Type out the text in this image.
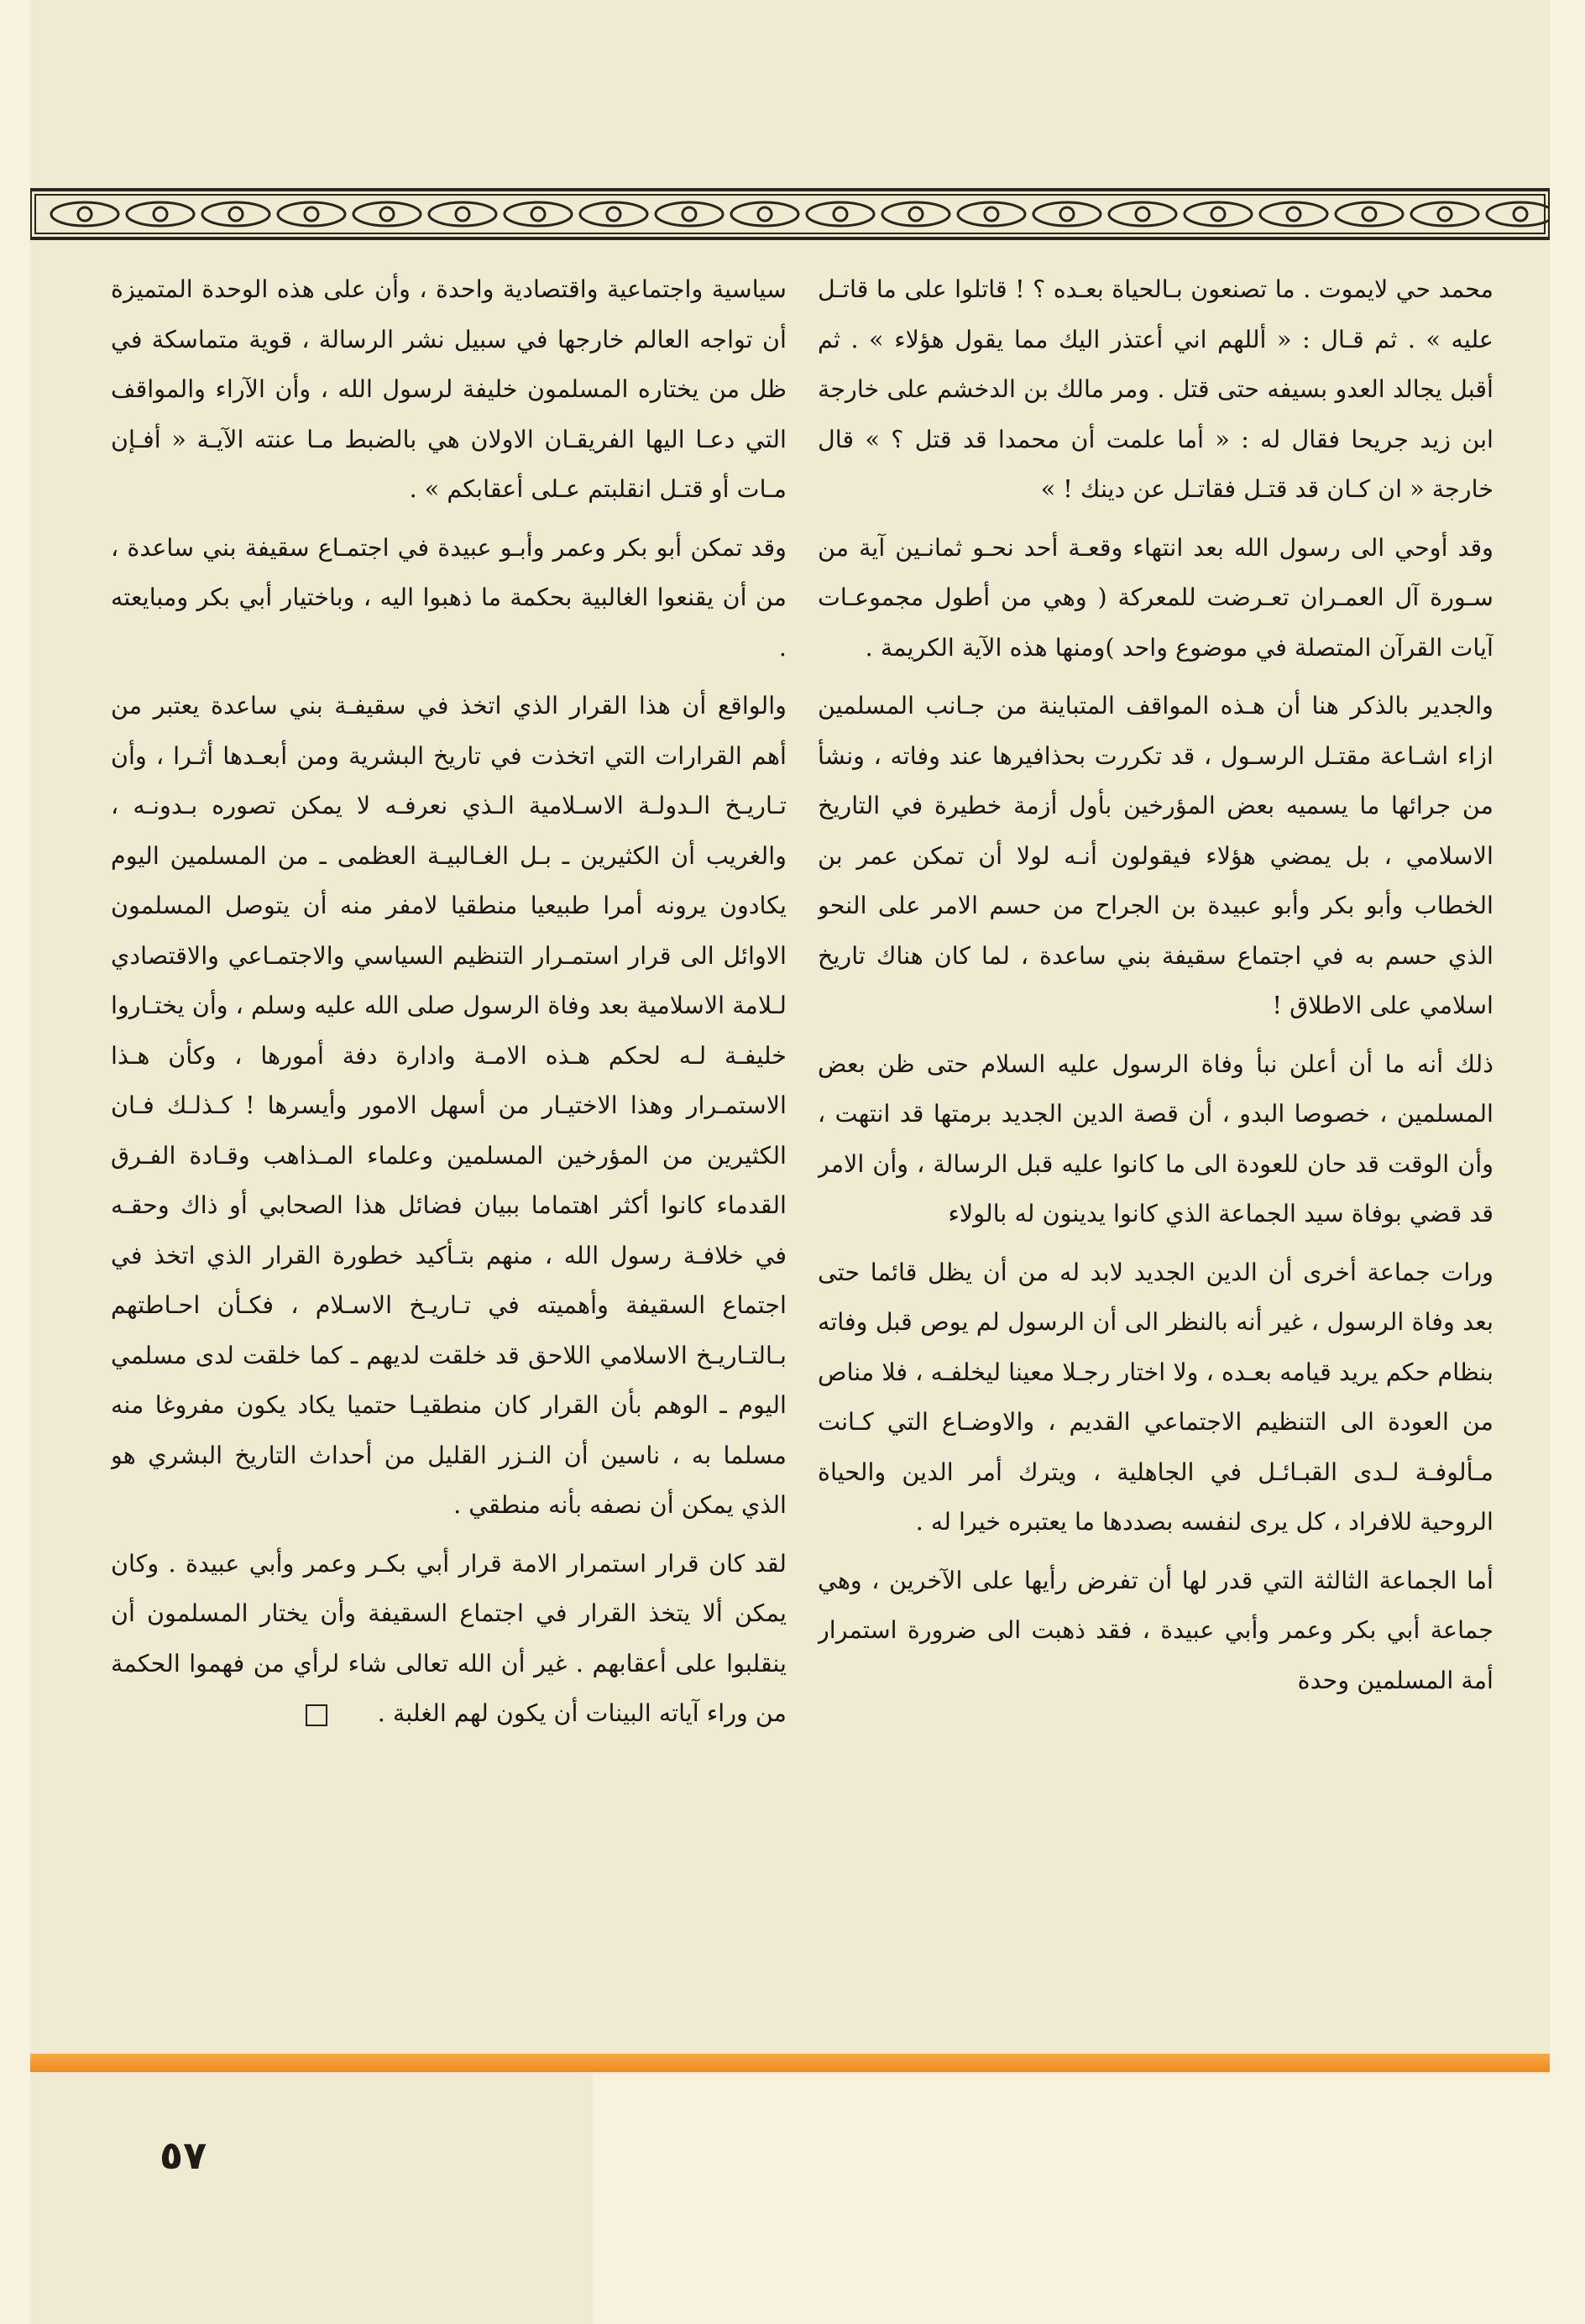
محمد حي لايموت . ما تصنعون بـالحياة بعـده ؟ ! قاتلوا على ما قاتـل عليه » . ثم قـال : « أللهم اني أعتذر اليك مما يقول هؤلاء » . ثم أقبل يجالد العدو بسيفه حتى قتل . ومر مالك بن الدخشم على خارجة ابن زيد جريحا فقال له : « أما علمت أن محمدا قد قتل ؟ » قال خارجة « ان كـان قد قتـل فقاتـل عن دينك ! »

وقد أوحي الى رسول الله بعد انتهاء وقعـة أحد نحـو ثمانـين آية من سـورة آل العمـران تعـرضت للمعركة ( وهي من أطول مجموعـات آيات القرآن المتصلة في موضوع واحد )ومنها هذه الآية الكريمة .

والجدير بالذكر هنا أن هـذه المواقف المتباينة من جـانب المسلمين ازاء اشـاعة مقتـل الرسـول ، قد تكررت بحذافيرها عند وفاته ، ونشأ من جرائها ما يسميه بعض المؤرخين بأول أزمة خطيرة في التاريخ الاسلامي ، بل يمضي هؤلاء فيقولون أنـه لولا أن تمكن عمر بن الخطاب وأبو بكر وأبو عبيدة بن الجراح من حسم الامر على النحو الذي حسم به في اجتماع سقيفة بني ساعدة ، لما كان هناك تاريخ اسلامي على الاطلاق !

ذلك أنه ما أن أعلن نبأ وفاة الرسول عليه السلام حتى ظن بعض المسلمين ، خصوصا البدو ، أن قصة الدين الجديد برمتها قد انتهت ، وأن الوقت قد حان للعودة الى ما كانوا عليه قبل الرسالة ، وأن الامر قد قضي بوفاة سيد الجماعة الذي كانوا يدينون له بالولاء

ورات جماعة أخرى أن الدين الجديد لابد له من أن يظل قائما حتى بعد وفاة الرسول ، غير أنه بالنظر الى أن الرسول لم يوص قبل وفاته بنظام حكم يريد قيامه بعـده ، ولا اختار رجـلا معينا ليخلفـه ، فلا مناص من العودة الى التنظيم الاجتماعي القديم ، والاوضـاع التي كـانت مـألوفـة لـدى القبـائـل في الجاهلية ، ويترك أمر الدين والحياة الروحية للافراد ، كل يرى لنفسه بصددها ما يعتبره خيرا له .

أما الجماعة الثالثة التي قدر لها أن تفرض رأيها على الآخرين ، وهي جماعة أبي بكر وعمر وأبي عبيدة ، فقد ذهبت الى ضرورة استمرار أمة المسلمين وحدة

سياسية واجتماعية واقتصادية واحدة ، وأن على هذه الوحدة المتميزة أن تواجه العالم خارجها في سبيل نشر الرسالة ، قوية متماسكة في ظل من يختاره المسلمون خليفة لرسول الله ، وأن الآراء والمواقف التي دعـا اليها الفريقـان الاولان هي بالضبط مـا عنته الآيـة « أفـإن مـات أو قتـل انقلبتم عـلى أعقابكم » .

وقد تمكن أبو بكر وعمر وأبـو عبيدة في اجتمـاع سقيفة بني ساعدة ، من أن يقنعوا الغالبية بحكمة ما ذهبوا اليه ، وباختيار أبي بكر ومبايعته .

والواقع أن هذا القرار الذي اتخذ في سقيفـة بني ساعدة يعتبر من أهم القرارات التي اتخذت في تاريخ البشرية ومن أبعـدها أثـرا ، وأن تـاريـخ الـدولـة الاسـلامية الـذي نعرفـه لا يمكن تصوره بـدونـه ، والغريب أن الكثيرين ـ بـل الغـالبيـة العظمى ـ من المسلمين اليوم يكادون يرونه أمرا طبيعيا منطقيا لامفر منه أن يتوصل المسلمون الاوائل الى قرار استمـرار التنظيم السياسي والاجتمـاعي والاقتصادي لـلامة الاسلامية بعد وفاة الرسول صلى الله عليه وسلم ، وأن يختـاروا خليفـة لـه لحكم هـذه الامـة وادارة دفة أمورها ، وكأن هـذا الاستمـرار وهذا الاختيـار من أسهل الامور وأيسرها ! كـذلـك فـان الكثيرين من المؤرخين المسلمين وعلماء المـذاهب وقـادة الفـرق القدماء كانوا أكثر اهتماما ببيان فضائل هذا الصحابي أو ذاك وحقـه في خلافـة رسول الله ، منهم بتـأكيد خطورة القرار الذي اتخذ في اجتماع السقيفة وأهميته في تـاريـخ الاسـلام ، فكـأن احـاطتهم بـالتـاريـخ الاسلامي اللاحق قد خلقت لديهم ـ كما خلقت لدى مسلمي اليوم ـ الوهم بأن القرار كان منطقيـا حتميا يكاد يكون مفروغا منه مسلما به ، ناسين أن النـزر القليل من أحداث التاريخ البشري هو الذي يمكن أن نصفه بأنه منطقي .

لقد كان قرار استمرار الامة قرار أبي بكـر وعمر وأبي عبيدة . وكان يمكن ألا يتخذ القرار في اجتماع السقيفة وأن يختار المسلمون أن ينقلبوا على أعقابهم . غير أن الله تعالى شاء لرأي من فهموا الحكمة من وراء آياته البينات أن يكون لهم الغلبة .

٥٧
